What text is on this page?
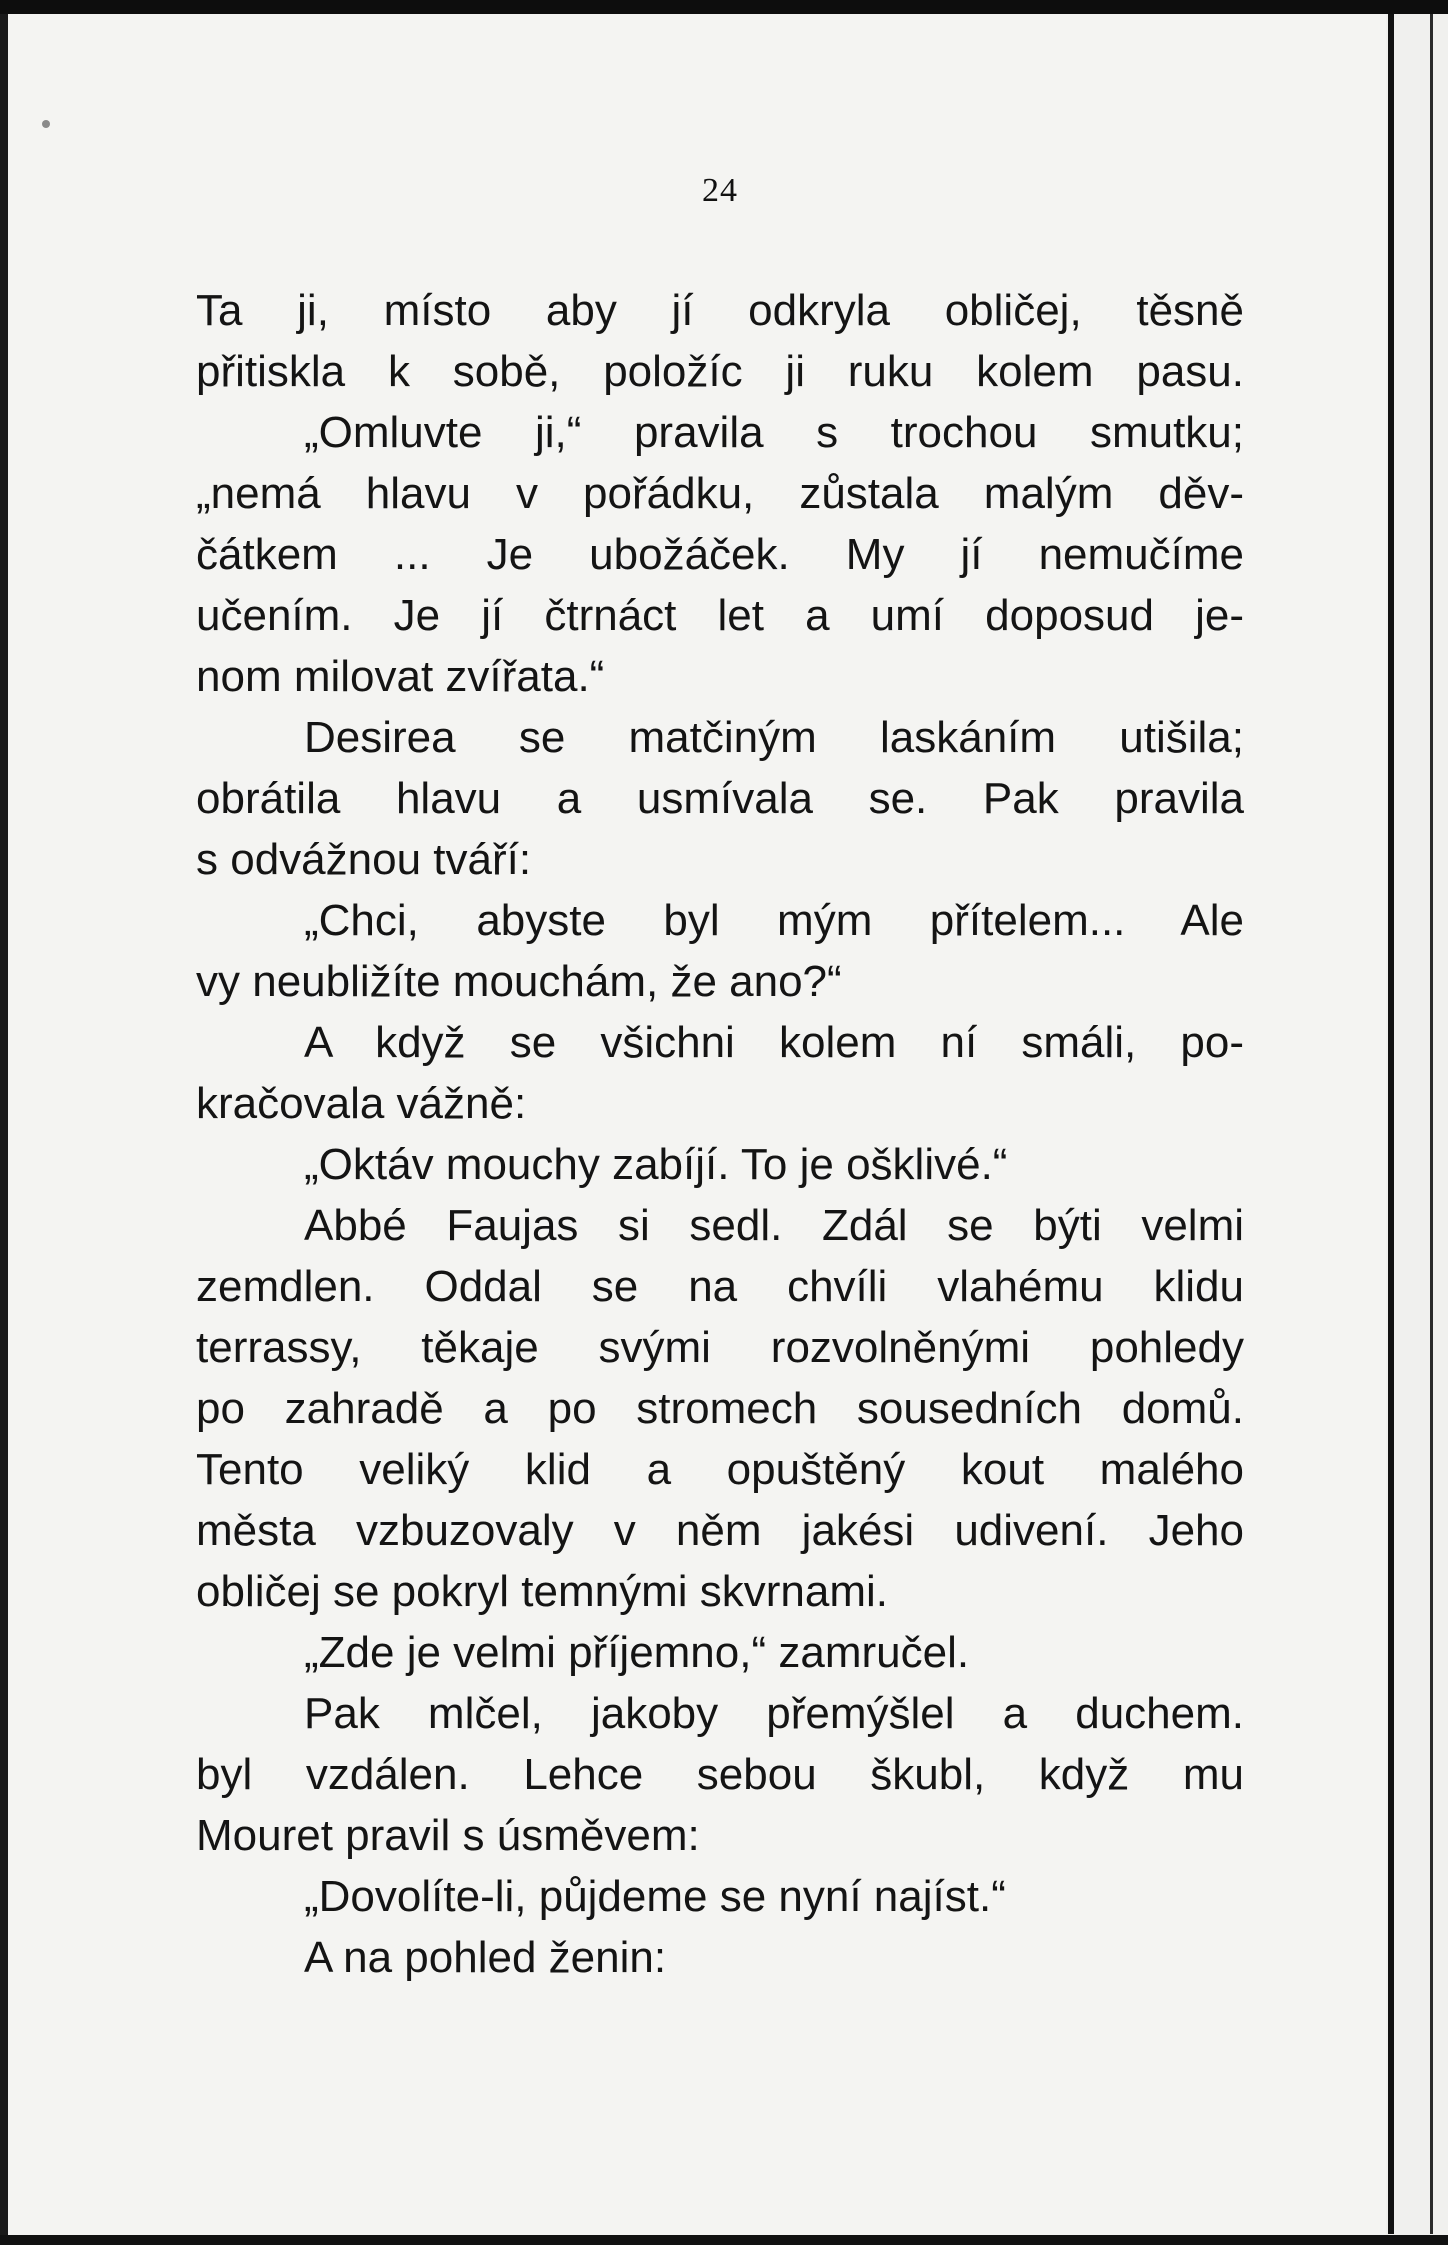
24
Ta ji, místo aby jí odkryla obličej, těsně
přitiskla k sobě, položíc ji ruku kolem pasu.
„Omluvte ji,“ pravila s trochou smutku;
„nemá hlavu v pořádku, zůstala malým děv-
čátkem ... Je ubožáček. My jí nemučíme
učením. Je jí čtrnáct let a umí doposud je-
nom milovat zvířata.“
Desirea se matčiným laskáním utišila;
obrátila hlavu a usmívala se. Pak pravila
s odvážnou tváří:
„Chci, abyste byl mým přítelem... Ale
vy neubližíte mouchám, že ano?“
A když se všichni kolem ní smáli, po-
kračovala vážně:
„Oktáv mouchy zabíjí. To je ošklivé.“
Abbé Faujas si sedl. Zdál se býti velmi
zemdlen. Oddal se na chvíli vlahému klidu
terrassy, těkaje svými rozvolněnými pohledy
po zahradě a po stromech sousedních domů.
Tento veliký klid a opuštěný kout malého
města vzbuzovaly v něm jakési udivení. Jeho
obličej se pokryl temnými skvrnami.
„Zde je velmi příjemno,“ zamručel.
Pak mlčel, jakoby přemýšlel a duchem.
byl vzdálen. Lehce sebou škubl, když mu
Mouret pravil s úsměvem:
„Dovolíte-li, půjdeme se nyní najíst.“
A na pohled ženin:
